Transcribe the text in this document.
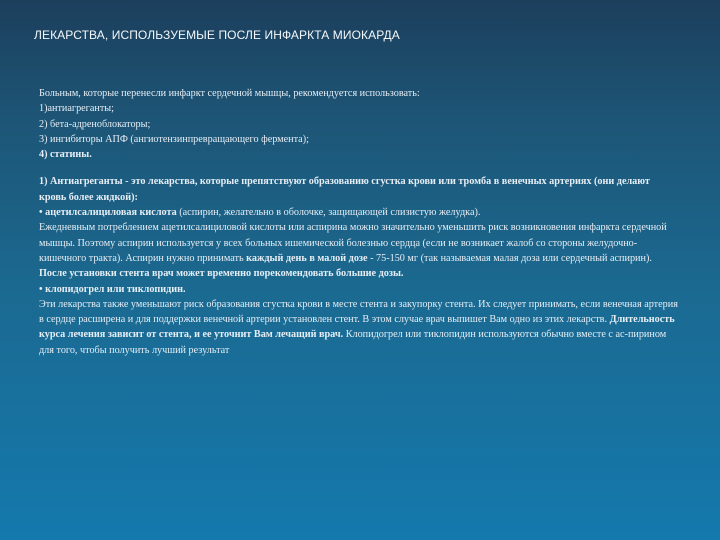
ЛЕКАРСТВА, ИСПОЛЬЗУЕМЫЕ ПОСЛЕ ИНФАРКТА МИОКАРДА

Больным, которые перенесли инфаркт сердечной мышцы, рекомендуется использовать:

1)антиагреганты;

2) бета-адреноблокаторы;

3) ингибиторы АПФ (ангиотензинпревращающего фермента);

4) статины.

1) Антиагреганты - это лекарства, которые препятствуют образованию сгустка крови или тромба в венечных артериях (они делают кровь более жидкой):

• ацетилсалициловая кислота (аспирин, желательно в оболочке, защищающей слизистую желудка).

Ежедневным потреблением ацетилсалициловой кислоты или аспирина можно значительно уменьшить риск возникновения инфаркта сердечной мышцы. Поэтому аспирин используется у всех больных ишемической болезнью сердца (если не возникает жалоб со стороны желудочно-кишечного тракта). Аспирин нужно принимать каждый день в малой дозе - 75-150 мг (так называемая малая доза или сердечный аспирин). После установки стента врач может временно порекомендовать большие дозы.

• клопидогрел или тиклопидин.

Эти лекарства также уменьшают риск образования сгустка крови в месте стента и закупорку стента. Их следует принимать, если венечная артерия в сердце расширена и для поддержки венечной артерии установлен стент. В этом случае врач выпишет Вам одно из этих лекарств. Длительность курса лечения зависит от стента, и ее уточнит Вам лечащий врач. Клопидогрел или тиклопидин используются обычно вместе с ас-пирином для того, чтобы получить лучший результат
